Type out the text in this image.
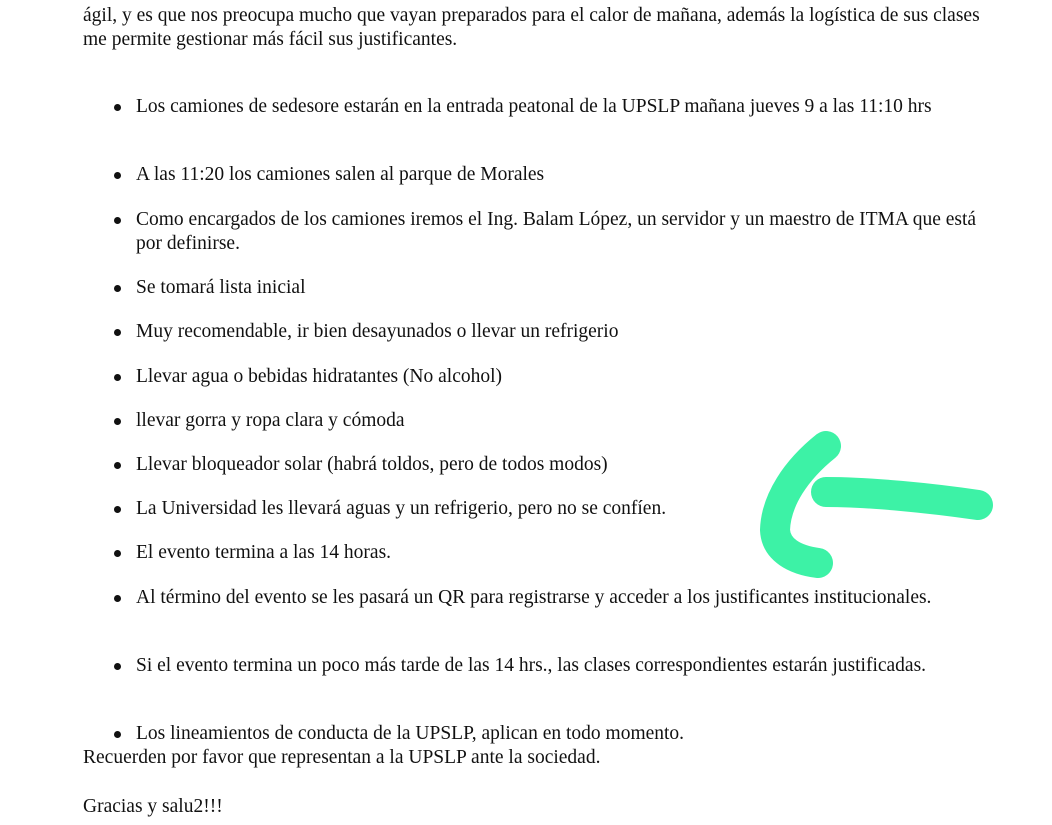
ágil, y es que nos preocupa mucho que vayan preparados para el calor de mañana, además la logística de sus clases me permite gestionar más fácil sus justificantes.

Los camiones de sedesore estarán en la entrada peatonal de la UPSLP mañana jueves 9 a las 11:10 hrs
A las 11:20 los camiones salen al parque de Morales
Como encargados de los camiones iremos el Ing. Balam López, un servidor y un maestro de ITMA que está por definirse.
Se tomará lista inicial
Muy recomendable, ir bien desayunados o llevar un refrigerio
Llevar agua o bebidas hidratantes (No alcohol)
llevar gorra y ropa clara y cómoda
Llevar bloqueador solar (habrá toldos, pero de todos modos)
La Universidad les llevará aguas y un refrigerio, pero no se confíen.
El evento termina a las 14 horas.
Al término del evento se les pasará un QR para registrarse y acceder a los justificantes institucionales.
Si el evento termina un poco más tarde de las 14 hrs., las clases correspondientes estarán justificadas.
Los lineamientos de conducta de la UPSLP, aplican en todo momento.

Recuerden por favor que representan a la UPSLP ante la sociedad.

Gracias y salu2!!!
